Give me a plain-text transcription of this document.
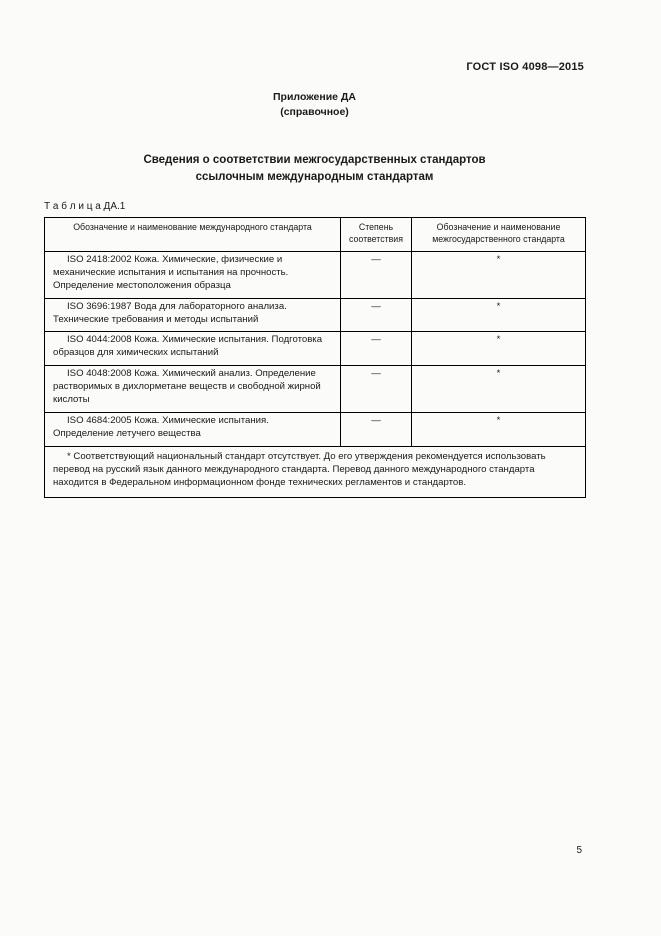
ГОСТ ISO 4098—2015
Приложение ДА
(справочное)
Сведения о соответствии межгосударственных стандартов
ссылочным международным стандартам
Т а б л и ц а ДА.1
Обозначение и наименование международного стандарта	Степень соответствия	Обозначение и наименование межгосударственного стандарта
ISO 2418:2002 Кожа. Химические, физические и механические испытания и испытания на прочность. Определение местоположения образца	—	*
ISO 3696:1987 Вода для лабораторного анализа. Технические требования и методы испытаний	—	*
ISO 4044:2008 Кожа. Химические испытания. Подготовка образцов для химических испытаний	—	*
ISO 4048:2008 Кожа. Химический анализ. Определение растворимых в дихлорметане веществ и свободной жирной кислоты	—	*
ISO 4684:2005 Кожа. Химические испытания. Определение летучего вещества	—	*
* Соответствующий национальный стандарт отсутствует. До его утверждения рекомендуется использовать перевод на русский язык данного международного стандарта. Перевод данного международного стандарта находится в Федеральном информационном фонде технических регламентов и стандартов.		
5
